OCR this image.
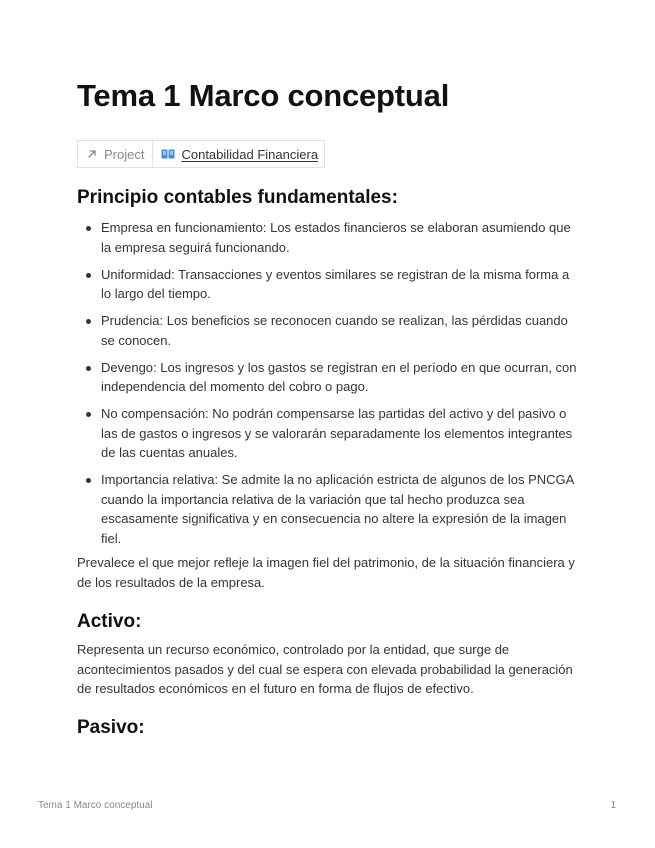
Tema 1 Marco conceptual
Project	Contabilidad Financiera
Principio contables fundamentales:
Empresa en funcionamiento: Los estados financieros se elaboran asumiendo que la empresa seguirá funcionando.
Uniformidad: Transacciones y eventos similares se registran de la misma forma a lo largo del tiempo.
Prudencia: Los beneficios se reconocen cuando se realizan, las pérdidas cuando se conocen.
Devengo: Los ingresos y los gastos se registran en el período en que ocurran, con independencia del momento del cobro o pago.
No compensación: No podrán compensarse las partidas del activo y del pasivo o las de gastos o ingresos y se valorarán separadamente los elementos integrantes de las cuentas anuales.
Importancia relativa: Se admite la no aplicación estricta de algunos de los PNCGA cuando la importancia relativa de la variación que tal hecho produzca sea escasamente significativa y en consecuencia no altere la expresión de la imagen fiel.

Prevalece el que mejor refleje la imagen fiel del patrimonio, de la situación financiera y de los resultados de la empresa.

Activo:

Representa un recurso económico, controlado por la entidad, que surge de acontecimientos pasados y del cual se espera con elevada probabilidad la generación de resultados económicos en el futuro en forma de flujos de efectivo.

Pasivo:
Tema 1 Marco conceptual	1
